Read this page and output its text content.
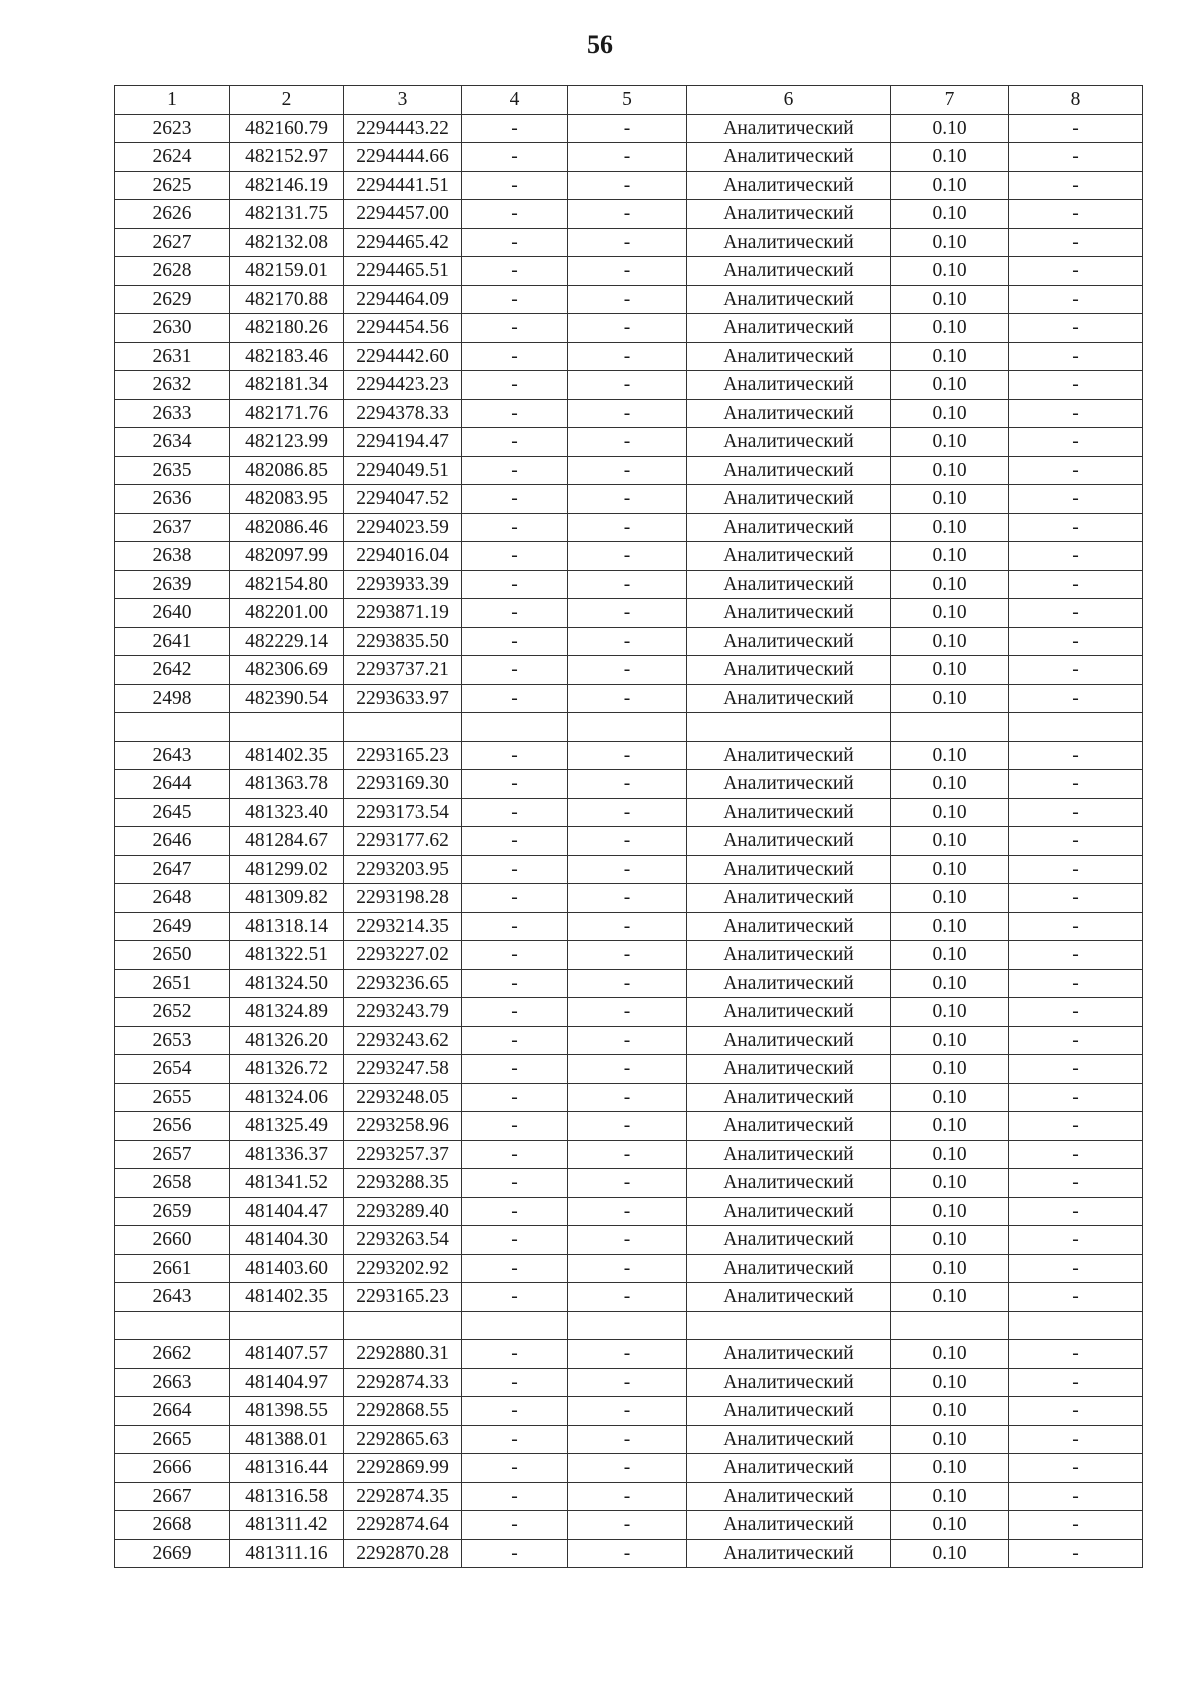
56
1	2	3	4	5	6	7	8
2623	482160.79	2294443.22	-	-	Аналитический	0.10	-
2624	482152.97	2294444.66	-	-	Аналитический	0.10	-
2625	482146.19	2294441.51	-	-	Аналитический	0.10	-
2626	482131.75	2294457.00	-	-	Аналитический	0.10	-
2627	482132.08	2294465.42	-	-	Аналитический	0.10	-
2628	482159.01	2294465.51	-	-	Аналитический	0.10	-
2629	482170.88	2294464.09	-	-	Аналитический	0.10	-
2630	482180.26	2294454.56	-	-	Аналитический	0.10	-
2631	482183.46	2294442.60	-	-	Аналитический	0.10	-
2632	482181.34	2294423.23	-	-	Аналитический	0.10	-
2633	482171.76	2294378.33	-	-	Аналитический	0.10	-
2634	482123.99	2294194.47	-	-	Аналитический	0.10	-
2635	482086.85	2294049.51	-	-	Аналитический	0.10	-
2636	482083.95	2294047.52	-	-	Аналитический	0.10	-
2637	482086.46	2294023.59	-	-	Аналитический	0.10	-
2638	482097.99	2294016.04	-	-	Аналитический	0.10	-
2639	482154.80	2293933.39	-	-	Аналитический	0.10	-
2640	482201.00	2293871.19	-	-	Аналитический	0.10	-
2641	482229.14	2293835.50	-	-	Аналитический	0.10	-
2642	482306.69	2293737.21	-	-	Аналитический	0.10	-
2498	482390.54	2293633.97	-	-	Аналитический	0.10	-

2643	481402.35	2293165.23	-	-	Аналитический	0.10	-
2644	481363.78	2293169.30	-	-	Аналитический	0.10	-
2645	481323.40	2293173.54	-	-	Аналитический	0.10	-
2646	481284.67	2293177.62	-	-	Аналитический	0.10	-
2647	481299.02	2293203.95	-	-	Аналитический	0.10	-
2648	481309.82	2293198.28	-	-	Аналитический	0.10	-
2649	481318.14	2293214.35	-	-	Аналитический	0.10	-
2650	481322.51	2293227.02	-	-	Аналитический	0.10	-
2651	481324.50	2293236.65	-	-	Аналитический	0.10	-
2652	481324.89	2293243.79	-	-	Аналитический	0.10	-
2653	481326.20	2293243.62	-	-	Аналитический	0.10	-
2654	481326.72	2293247.58	-	-	Аналитический	0.10	-
2655	481324.06	2293248.05	-	-	Аналитический	0.10	-
2656	481325.49	2293258.96	-	-	Аналитический	0.10	-
2657	481336.37	2293257.37	-	-	Аналитический	0.10	-
2658	481341.52	2293288.35	-	-	Аналитический	0.10	-
2659	481404.47	2293289.40	-	-	Аналитический	0.10	-
2660	481404.30	2293263.54	-	-	Аналитический	0.10	-
2661	481403.60	2293202.92	-	-	Аналитический	0.10	-
2643	481402.35	2293165.23	-	-	Аналитический	0.10	-

2662	481407.57	2292880.31	-	-	Аналитический	0.10	-
2663	481404.97	2292874.33	-	-	Аналитический	0.10	-
2664	481398.55	2292868.55	-	-	Аналитический	0.10	-
2665	481388.01	2292865.63	-	-	Аналитический	0.10	-
2666	481316.44	2292869.99	-	-	Аналитический	0.10	-
2667	481316.58	2292874.35	-	-	Аналитический	0.10	-
2668	481311.42	2292874.64	-	-	Аналитический	0.10	-
2669	481311.16	2292870.28	-	-	Аналитический	0.10	-
